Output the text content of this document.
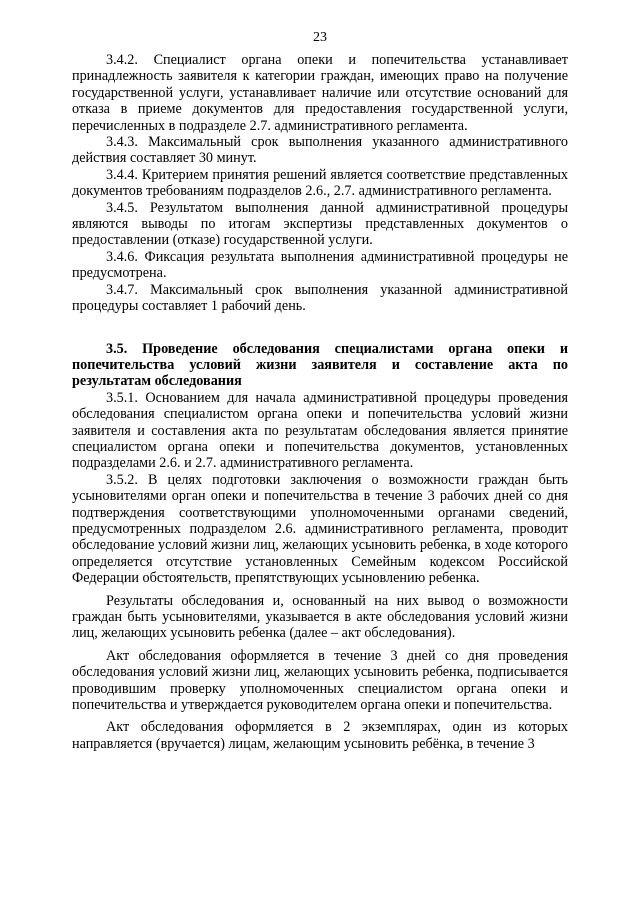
23

3.4.2. Специалист органа опеки и попечительства устанавливает принадлежность заявителя к категории граждан, имеющих право на получение государственной услуги, устанавливает наличие или отсутствие оснований для отказа в приеме документов для предоставления государственной услуги, перечисленных в подразделе 2.7. административного регламента.

3.4.3. Максимальный срок выполнения указанного административного действия составляет 30 минут.

3.4.4. Критерием принятия решений является соответствие представленных документов требованиям подразделов 2.6., 2.7. административного регламента.

3.4.5. Результатом выполнения данной административной процедуры являются выводы по итогам экспертизы представленных документов о предоставлении (отказе) государственной услуги.

3.4.6. Фиксация результата выполнения административной процедуры не предусмотрена.

3.4.7. Максимальный срок выполнения указанной административной процедуры составляет 1 рабочий день.

3.5. Проведение обследования специалистами органа опеки и попечительства условий жизни заявителя и составление акта по результатам обследования

3.5.1. Основанием для начала административной процедуры проведения обследования специалистом органа опеки и попечительства условий жизни заявителя и составления акта по результатам обследования является принятие специалистом органа опеки и попечительства документов, установленных подразделами 2.6. и 2.7. административного регламента.

3.5.2. В целях подготовки заключения о возможности граждан быть усыновителями орган опеки и попечительства в течение 3 рабочих дней со дня подтверждения соответствующими уполномоченными органами сведений, предусмотренных подразделом 2.6. административного регламента, проводит обследование условий жизни лиц, желающих усыновить ребенка, в ходе которого определяется отсутствие установленных Семейным кодексом Российской Федерации обстоятельств, препятствующих усыновлению ребенка.

Результаты обследования и, основанный на них вывод о возможности граждан быть усыновителями, указывается в акте обследования условий жизни лиц, желающих усыновить ребенка (далее – акт обследования).

Акт обследования оформляется в течение 3 дней со дня проведения обследования условий жизни лиц, желающих усыновить ребенка, подписывается проводившим проверку уполномоченных специалистом органа опеки и попечительства и утверждается руководителем органа опеки и попечительства.

Акт обследования оформляется в 2 экземплярах, один из которых направляется (вручается) лицам, желающим усыновить ребёнка, в течение 3
